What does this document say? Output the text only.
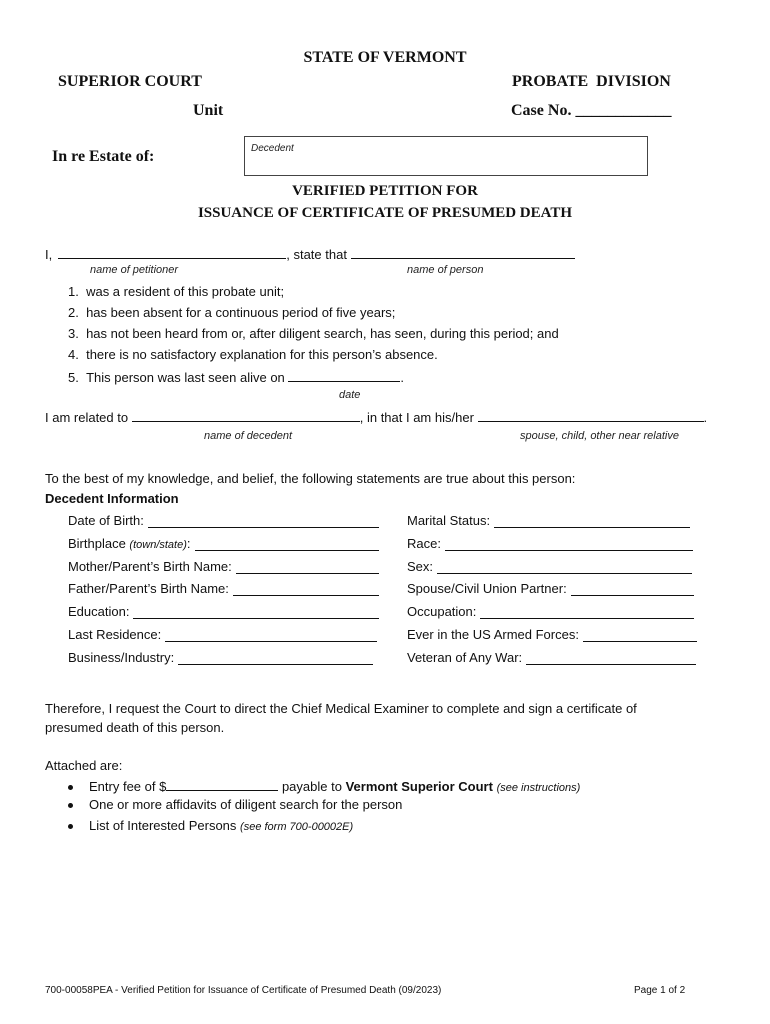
STATE OF VERMONT
SUPERIOR COURT	PROBATE  DIVISION
Unit	Case No. ____________
In re Estate of:	Decedent
VERIFIED PETITION FOR
ISSUANCE OF CERTIFICATE OF PRESUMED DEATH
I,	, state that
name of petitioner	name of person
1. was a resident of this probate unit;
2. has been absent for a continuous period of five years;
3. has not been heard from or, after diligent search, has seen, during this period; and
4. there is no satisfactory explanation for this person’s absence.
5. This person was last seen alive on	.
date
I am related to	, in that I am his/her	.
name of decedent	spouse, child, other near relative
To the best of my knowledge, and belief, the following statements are true about this person:
Decedent Information
Date of Birth:
Birthplace (town/state):
Mother/Parent’s Birth Name:
Father/Parent’s Birth Name:
Education:
Last Residence:
Business/Industry:
Marital Status:
Race:
Sex:
Spouse/Civil Union Partner:
Occupation:
Ever in the US Armed Forces:
Veteran of Any War:
Therefore, I request the Court to direct the Chief Medical Examiner to complete and sign a certificate of
presumed death of this person.
Attached are:
Entry fee of $	payable to Vermont Superior Court (see instructions)
One or more affidavits of diligent search for the person
List of Interested Persons (see form 700-00002E)
700-00058PEA - Verified Petition for Issuance of Certificate of Presumed Death (09/2023)	Page 1 of 2
